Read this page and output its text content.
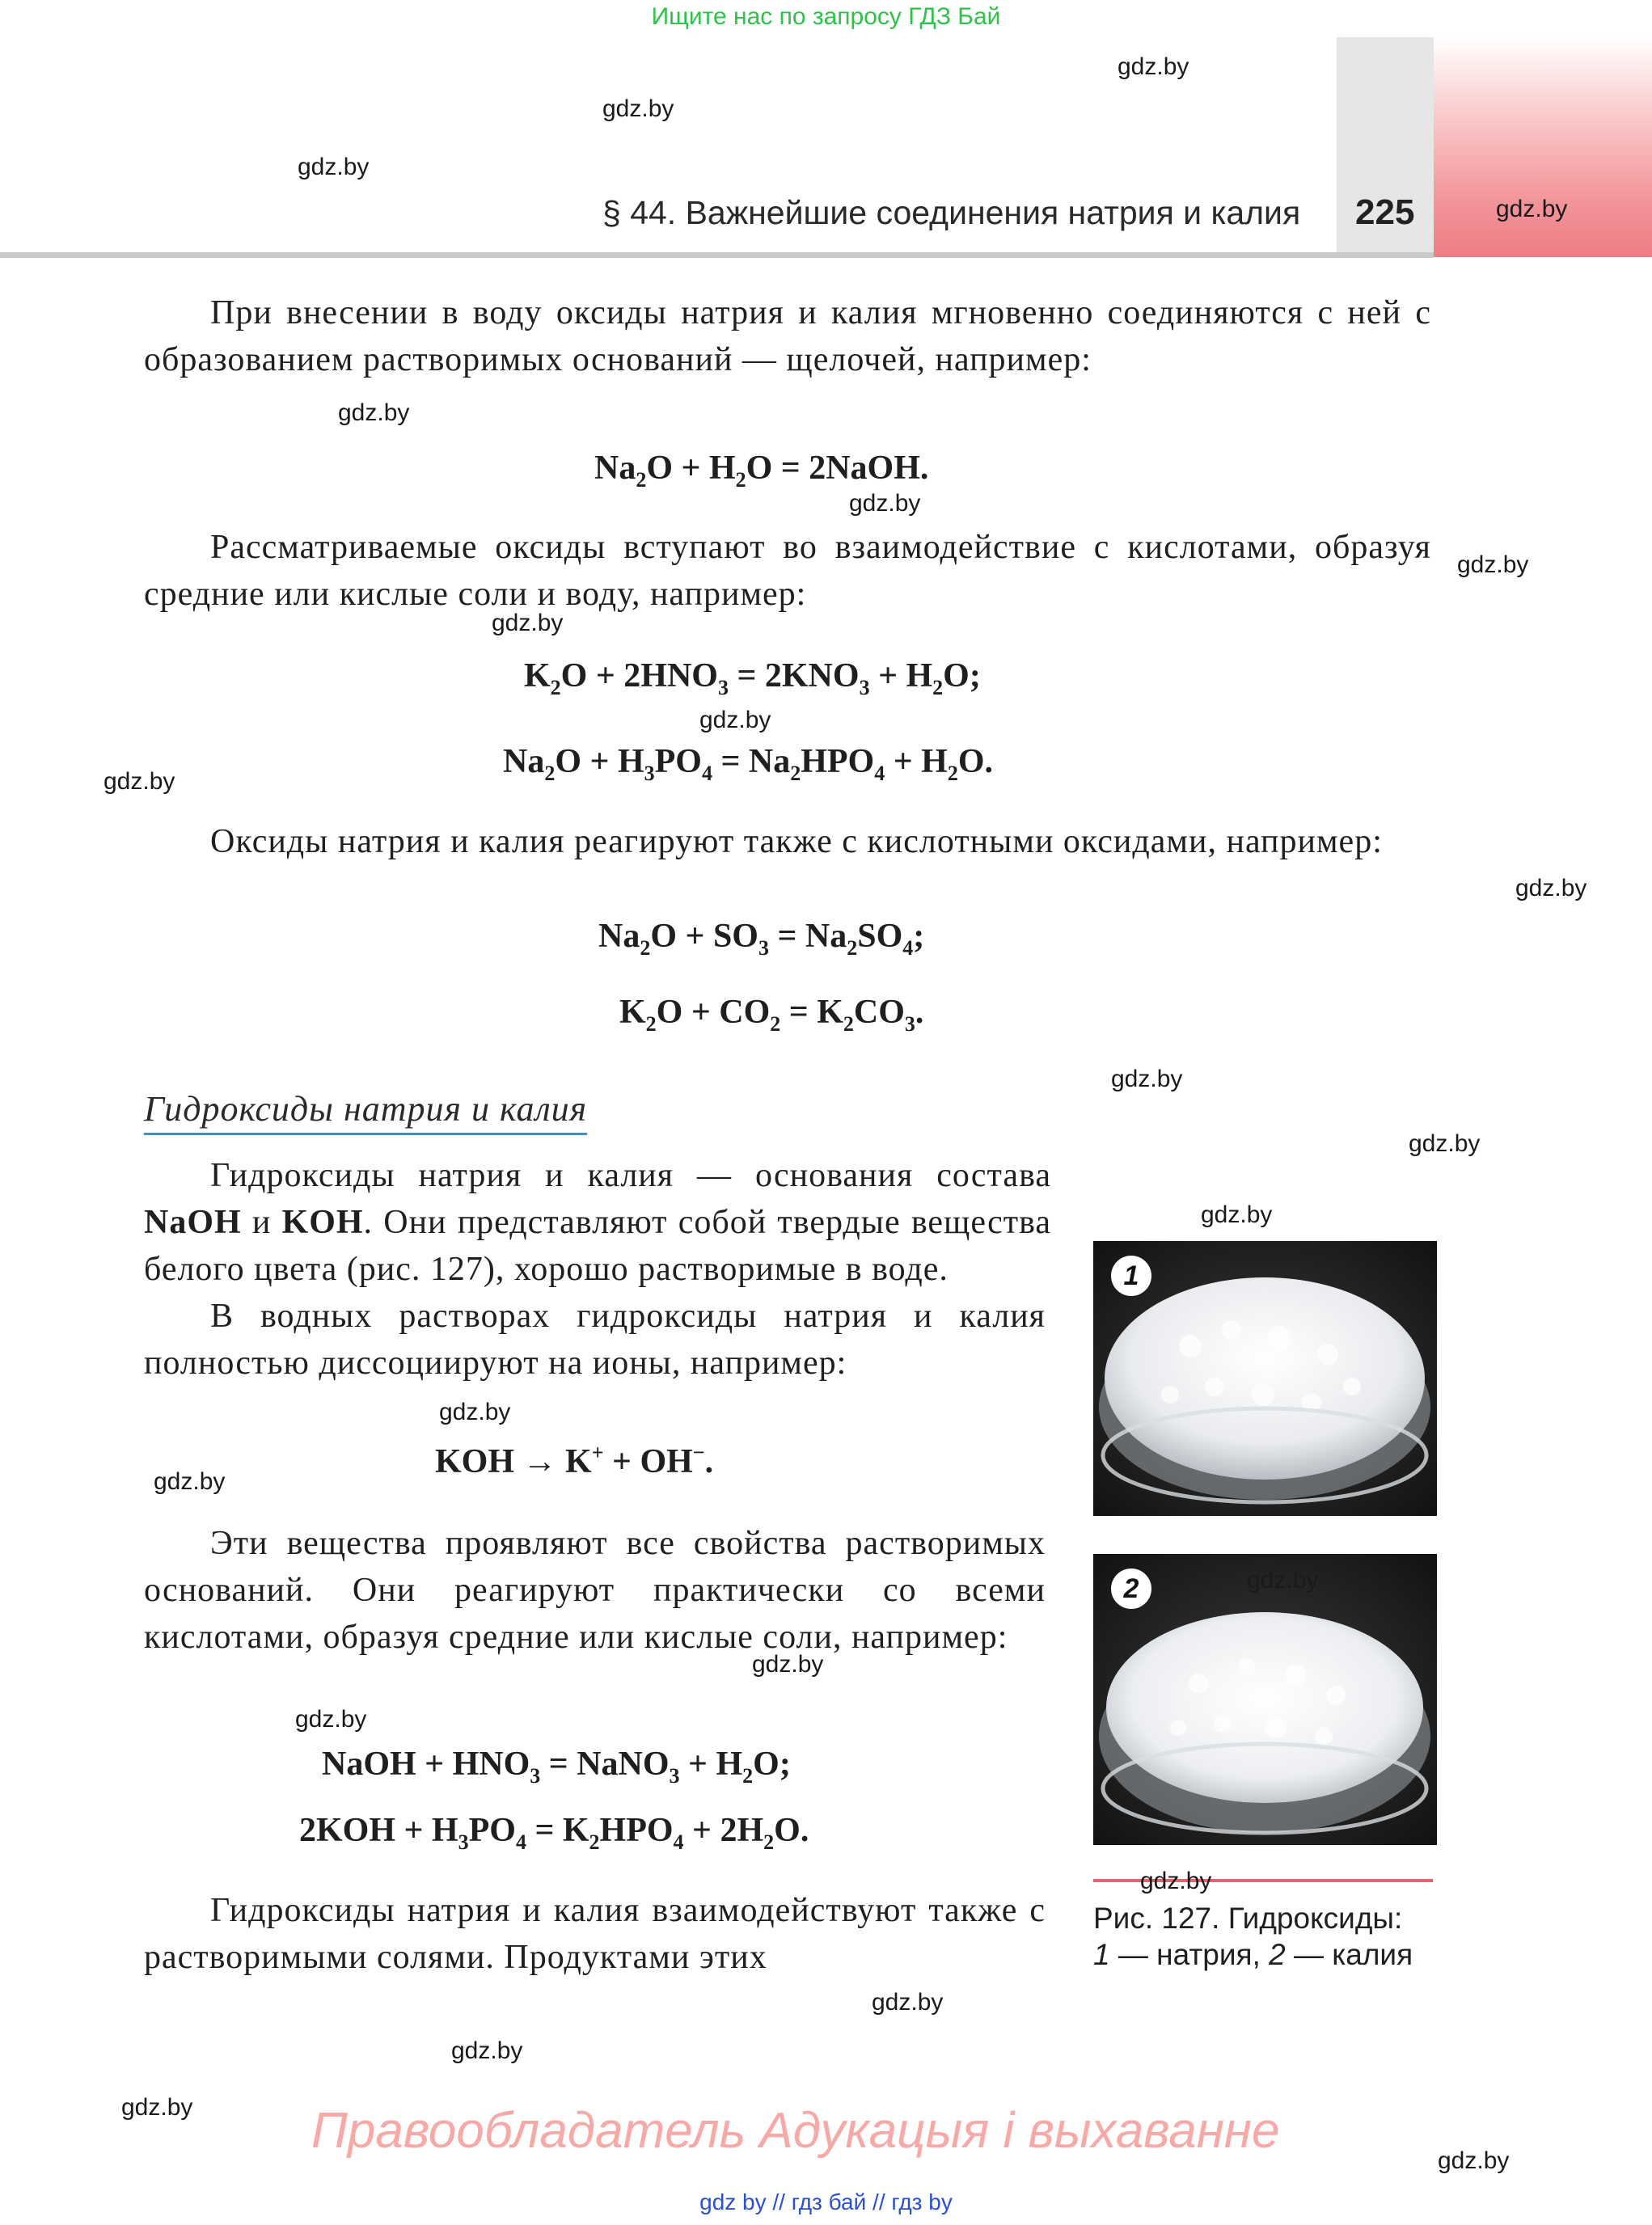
Ищите нас по запросу ГДЗ Бай
§ 44. Важнейшие соединения натрия и калия 225

При внесении в воду оксиды натрия и калия мгновенно соединяются с ней с образованием растворимых оснований — щелочей, например:

$Na_2O + H_2O$ = 2NaOH.

Рассматриваемые оксиды вступают во взаимодействие с кислотами, образуя средние или кислые соли и воду, например:

$K_2O + 2HNO_3 = 2KNO_3 + H_2O$;
$Na_2O + H_3PO_4 = Na_2HPO_4 + H_2O$.

Оксиды натрия и калия реагируют также с кислотными оксидами, например:

$Na_2O + SO_3 = Na_2SO_4$;
$K_2O + CO_2 = K_2CO_3$.
Гидроксиды натрия и калия

Гидроксиды натрия и калия — основания состава NaOH и KOH. Они представляют собой твердые вещества белого цвета (рис. 127), хорошо растворимые в воде.

В водных растворах гидроксиды натрия и калия полностью диссоциируют на ионы, например:

KOH → K+ + OH−.

Эти вещества проявляют все свойства растворимых оснований. Они реагируют практически со всеми кислотами, образуя средние или кислые соли, например:

NaOH + $HNO_3$ = NaNO$_3$ + $H_2O$;
$2KOH + H_3PO_4 = K_2HPO_4 + 2H_2O$.

Гидроксиды натрия и калия взаимодействуют также с растворимыми солями. Продуктами этих

1
2
Рис. 127. Гидроксиды:
1 — натрия, 2 — калия
gdz.by
gdz.by
gdz.by
gdz.by
gdz.by
gdz.by
gdz.by
gdz.by
gdz.by
gdz.by
gdz.by
gdz.by
gdz.by
gdz.by
gdz.by
gdz.by
gdz.by
gdz.by
gdz.by
gdz.by
gdz.by
gdz.by
gdz.by
gdz.by
Правообладатель Адукацыя і выхаванне
gdz by // гдз бай // гдз by
